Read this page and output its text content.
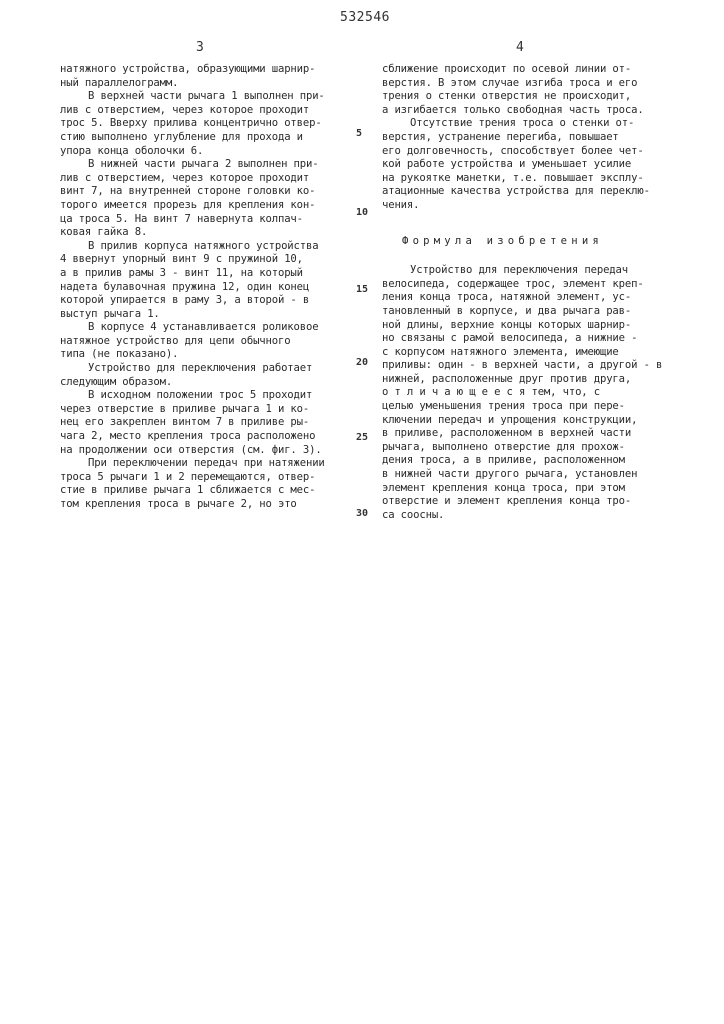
532546
3	4
натяжного устройства, образующими шарнир-
ный параллелограмм.
В верхней части рычага 1 выполнен при-
лив с отверстием, через которое проходит
трос 5. Вверху прилива концентрично отвер-
стию выполнено углубление для прохода и
упора конца оболочки 6.
В нижней части рычага 2 выполнен при-
лив с отверстием, через которое проходит
винт 7, на внутренней стороне головки ко-
торого имеется прорезь для крепления кон-
ца троса 5. На винт 7 навернута колпач-
ковая гайка 8.
В прилив корпуса натяжного устройства
4 ввернут упорный винт 9 с пружиной 10,
а в прилив рамы 3 - винт 11, на который
надета булавочная пружина 12, один конец
которой упирается в раму 3, а второй - в
выступ рычага 1.
В корпусе 4 устанавливается роликовое
натяжное устройство для цепи обычного
типа (не показано).
Устройство для переключения работает
следующим образом.
В исходном положении трос 5 проходит
через отверстие в приливе рычага 1 и ко-
нец его закреплен винтом 7 в приливе ры-
чага 2, место крепления троса расположено
на продолжении оси отверстия (см. фиг. 3).
При переключении передач при натяжении
троса 5 рычаги 1 и 2 перемещаются, отвер-
стие в приливе рычага 1 сближается с мес-
том крепления троса в рычаге 2, но это
сближение происходит по осевой линии от-
верстия. В этом случае изгиба троса и его
трения о стенки отверстия не происходит,
а изгибается только свободная часть троса.
Отсутствие трения троса о стенки от-
верстия, устранение перегиба, повышает
его долговечность, способствует более чет-
кой работе устройства и уменьшает усилие
на рукоятке манетки, т.е. повышает эксплу-
атационные качества устройства для переклю-
чения.
Формула изобретения
Устройство для переключения передач
велосипеда, содержащее трос, элемент креп-
ления конца троса, натяжной элемент, ус-
тановленный в корпусе, и два рычага рав-
ной длины, верхние концы которых шарнир-
но связаны с рамой велосипеда, а нижние -
с корпусом натяжного элемента, имеющие
приливы: один - в верхней части, а другой - в
нижней, расположенные друг против друга,
о т л и ч а ю щ е е с я тем, что, с
целью уменьшения трения троса при пере-
ключении передач и упрощения конструкции,
в приливе, расположенном в верхней части
рычага, выполнено отверстие для прохож-
дения троса, а в приливе, расположенном
в нижней части другого рычага, установлен
элемент крепления конца троса, при этом
отверстие и элемент крепления конца тро-
са соосны.
5
10
15
20
25
30
